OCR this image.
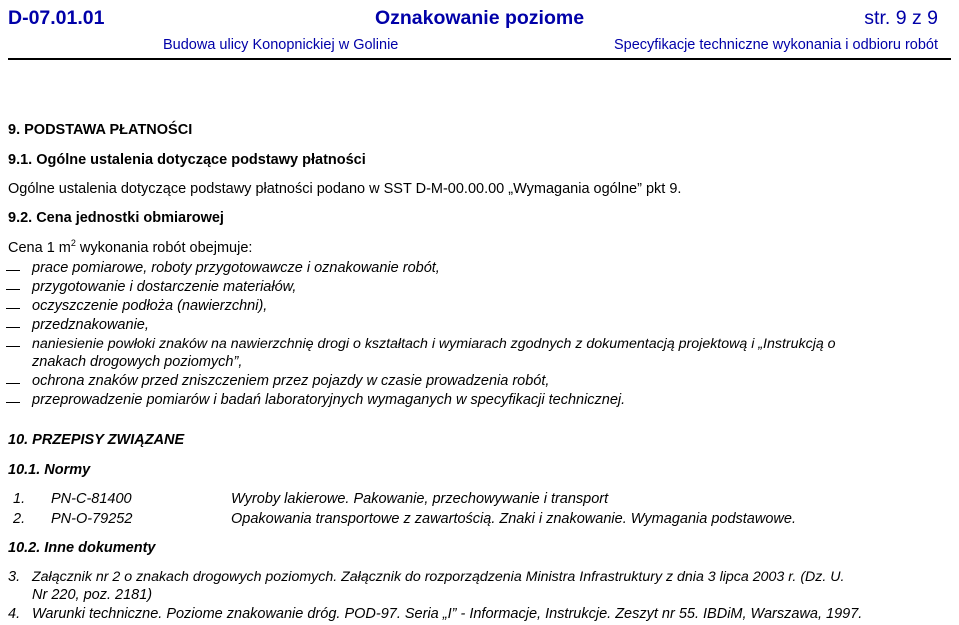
D-07.01.01	Oznakowanie poziome	str. 9 z 9
Budowa ulicy Konopnickiej w Golinie	Specyfikacje techniczne wykonania i odbioru robót
9. PODSTAWA PŁATNOŚCI
9.1. Ogólne ustalenia dotyczące podstawy płatności
Ogólne ustalenia dotyczące podstawy płatności podano w SST D-M-00.00.00 „Wymagania ogólne” pkt 9.
9.2. Cena jednostki obmiarowej
Cena 1 $m^2$ wykonania robót obejmuje:
prace pomiarowe, roboty przygotowawcze i oznakowanie robót,
przygotowanie i dostarczenie materiałów,
oczyszczenie podłoża (nawierzchni),
przedznakowanie,
naniesienie powłoki znaków na nawierzchnię drogi o kształtach i wymiarach zgodnych z dokumentacją projektową i „Instrukcją o
znakach drogowych poziomych”,
ochrona znaków przed zniszczeniem przez pojazdy w czasie prowadzenia robót,
przeprowadzenie pomiarów i badań laboratoryjnych wymaganych w specyfikacji technicznej.
10. PRZEPISY ZWIĄZANE
10.1. Normy
1. PN-C-81400	Wyroby lakierowe. Pakowanie, przechowywanie i transport
2. PN-O-79252	Opakowania transportowe z zawartością. Znaki i znakowanie. Wymagania podstawowe.
10.2. Inne dokumenty
3. Załącznik nr 2 o znakach drogowych poziomych. Załącznik do rozporządzenia Ministra Infrastruktury z dnia 3 lipca 2003 r. (Dz. U.
Nr 220, poz. 2181)
4. Warunki techniczne. Poziome znakowanie dróg. POD-97. Seria „I” - Informacje, Instrukcje. Zeszyt nr 55. IBDiM, Warszawa, 1997.
